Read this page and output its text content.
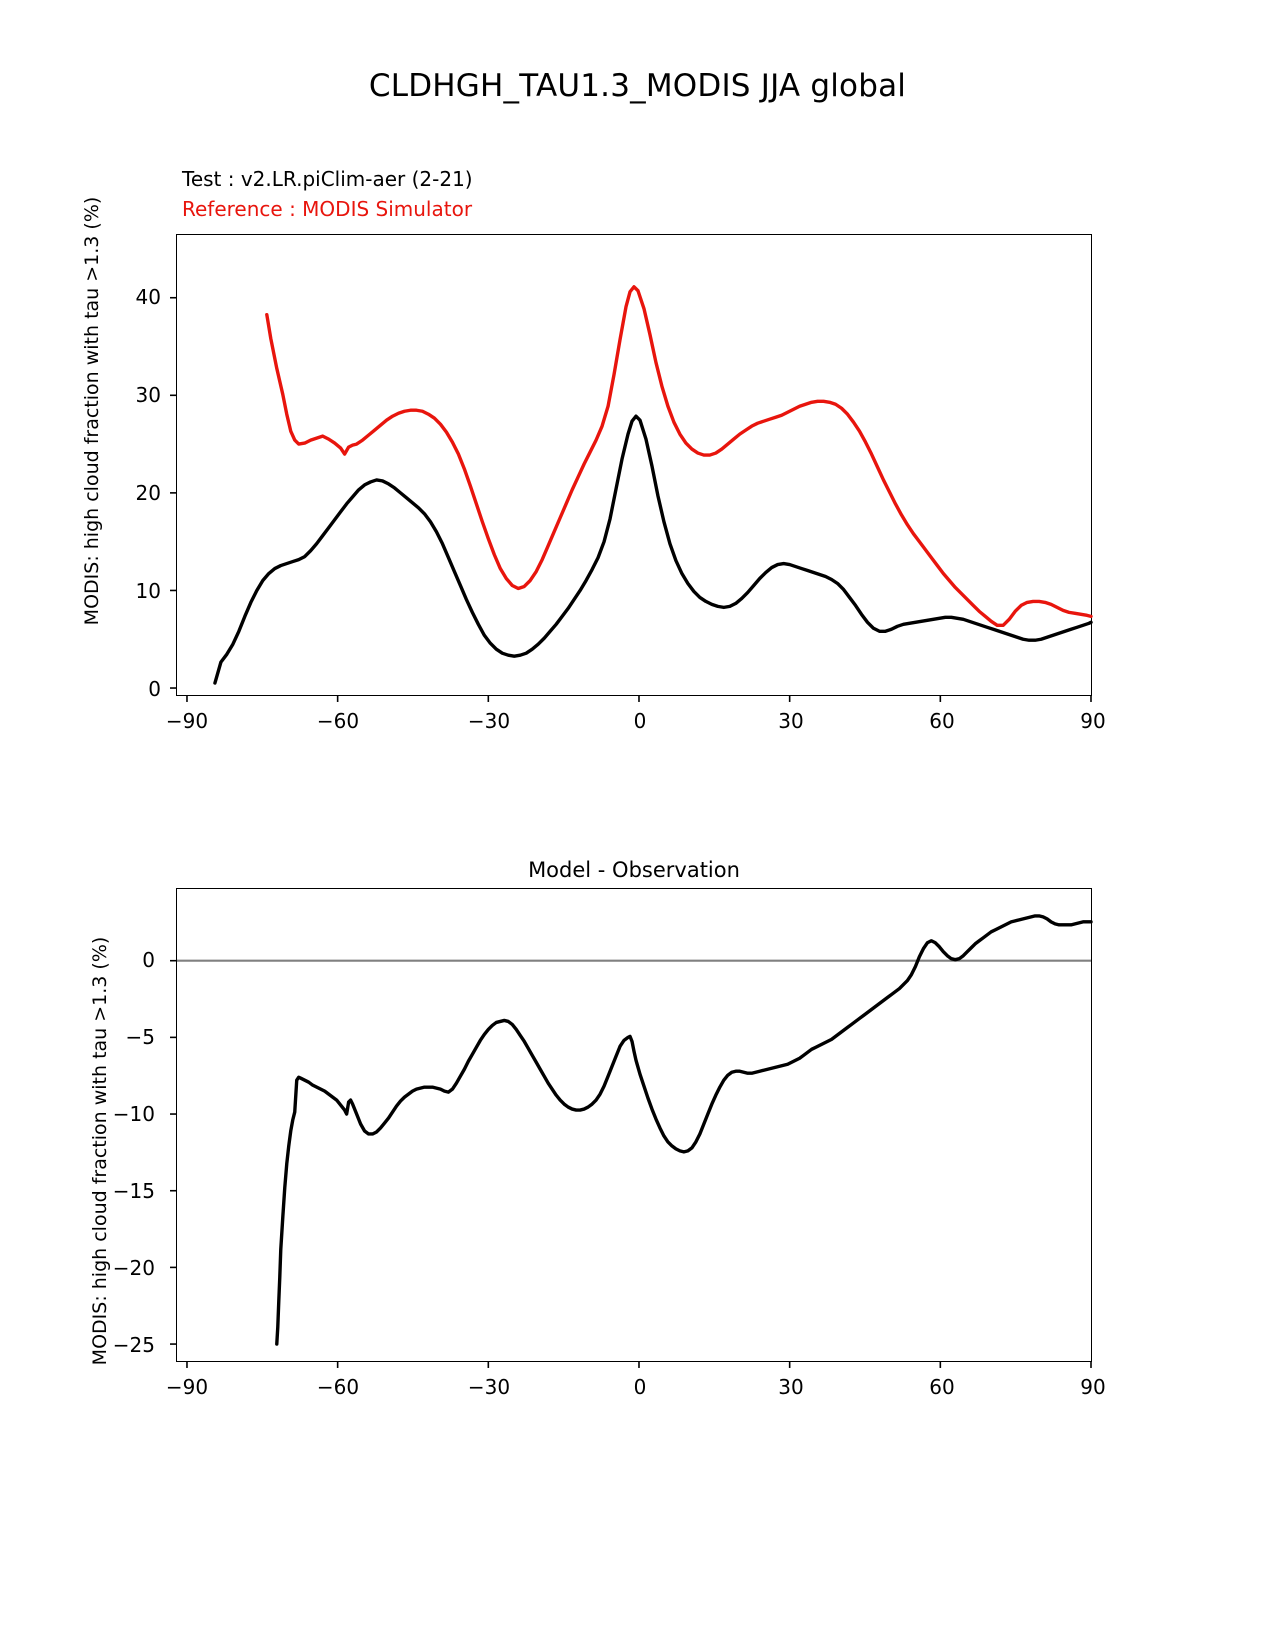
CLDHGH_TAU1.3_MODIS JJA global
Test : v2.LR.piClim-aer (2-21)
Reference : MODIS Simulator
MODIS: high cloud fraction with tau >1.3 (%)
−90	−60	−30	0	30	60	90
0
10
20
30
40
Model - Observation
MODIS: high cloud fraction with tau >1.3 (%)
−90	−60	−30	0	30	60	90
−25
−20
−15
−10
−5
0
